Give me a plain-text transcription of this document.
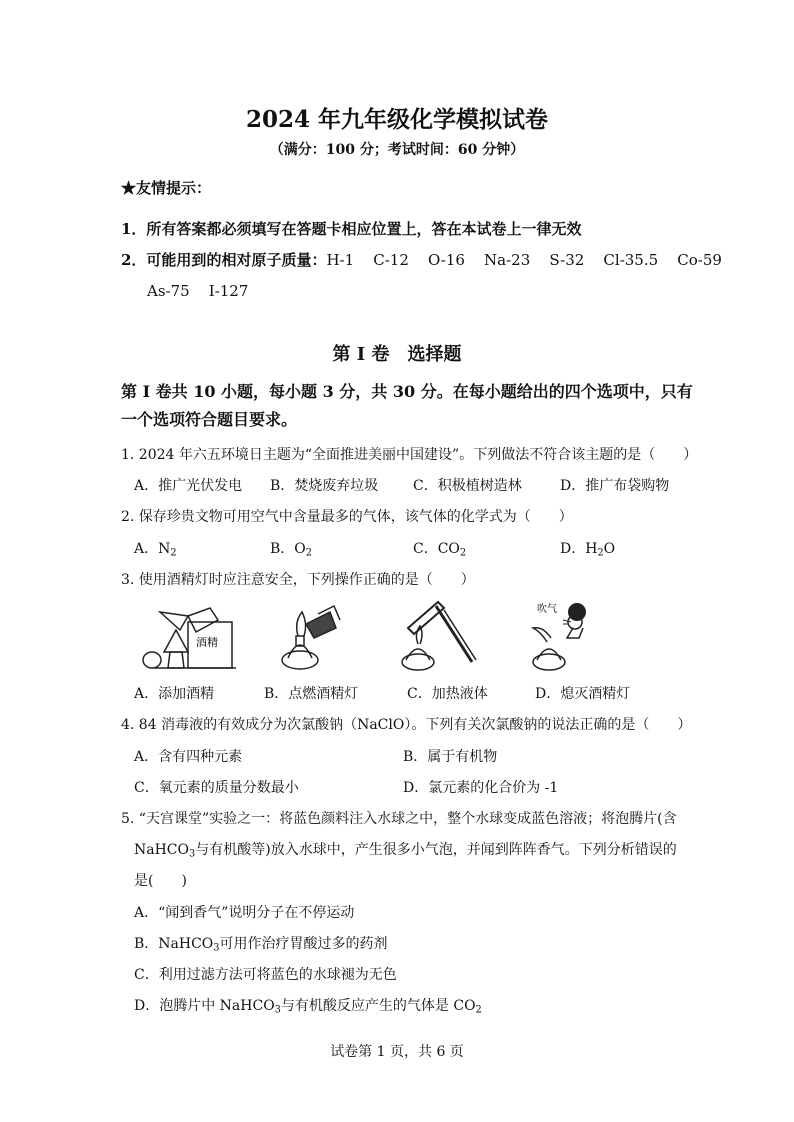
2024 年九年级化学模拟试卷
（满分：100 分；考试时间：60 分钟）
★友情提示：
1．所有答案都必须填写在答题卡相应位置上，答在本试卷上一律无效
2．可能用到的相对原子质量：H-1 C-12 O-16 Na-23 S-32 Cl-35.5 Co-59
As-75 I-127
第 I 卷　选择题
第 I 卷共 10 小题，每小题 3 分，共 30 分。在每小题给出的四个选项中，只有
一个选项符合题目要求。
1. 2024 年六五环境日主题为“全面推进美丽中国建设”。下列做法不符合该主题的是（　　）
A．推广光伏发电 B．焚烧废弃垃圾 C．积极植树造林	D．推广布袋购物
2. 保存珍贵文物可用空气中含量最多的气体，该气体的化学式为（　　）
A．$N_2$	B．$O_2$	C．$CO_2$	D．$H_2O$
3. 使用酒精灯时应注意安全，下列操作正确的是（　　）
酒精
吹气
A．添加酒精	B．点燃酒精灯	C．加热液体	D．熄灭酒精灯
4. 84 消毒液的有效成分为次氯酸钠（NaClO）。下列有关次氯酸钠的说法正确的是（　　）
A．含有四种元素	B．属于有机物
C．氧元素的质量分数最小	D．氯元素的化合价为 -1
5. “天宫课堂”实验之一：将蓝色颜料注入水球之中，整个水球变成蓝色溶液；将泡腾片(含
NaHCO$_3$与有机酸等)放入水球中，产生很多小气泡，并闻到阵阵香气。下列分析错误的
是(　　)
A．“闻到香气”说明分子在不停运动
B．NaHCO$_3$可用作治疗胃酸过多的药剂
C．利用过滤方法可将蓝色的水球褪为无色
D．泡腾片中 NaHCO$_3$与有机酸反应产生的气体是 $CO_2$
试卷第 1 页，共 6 页
